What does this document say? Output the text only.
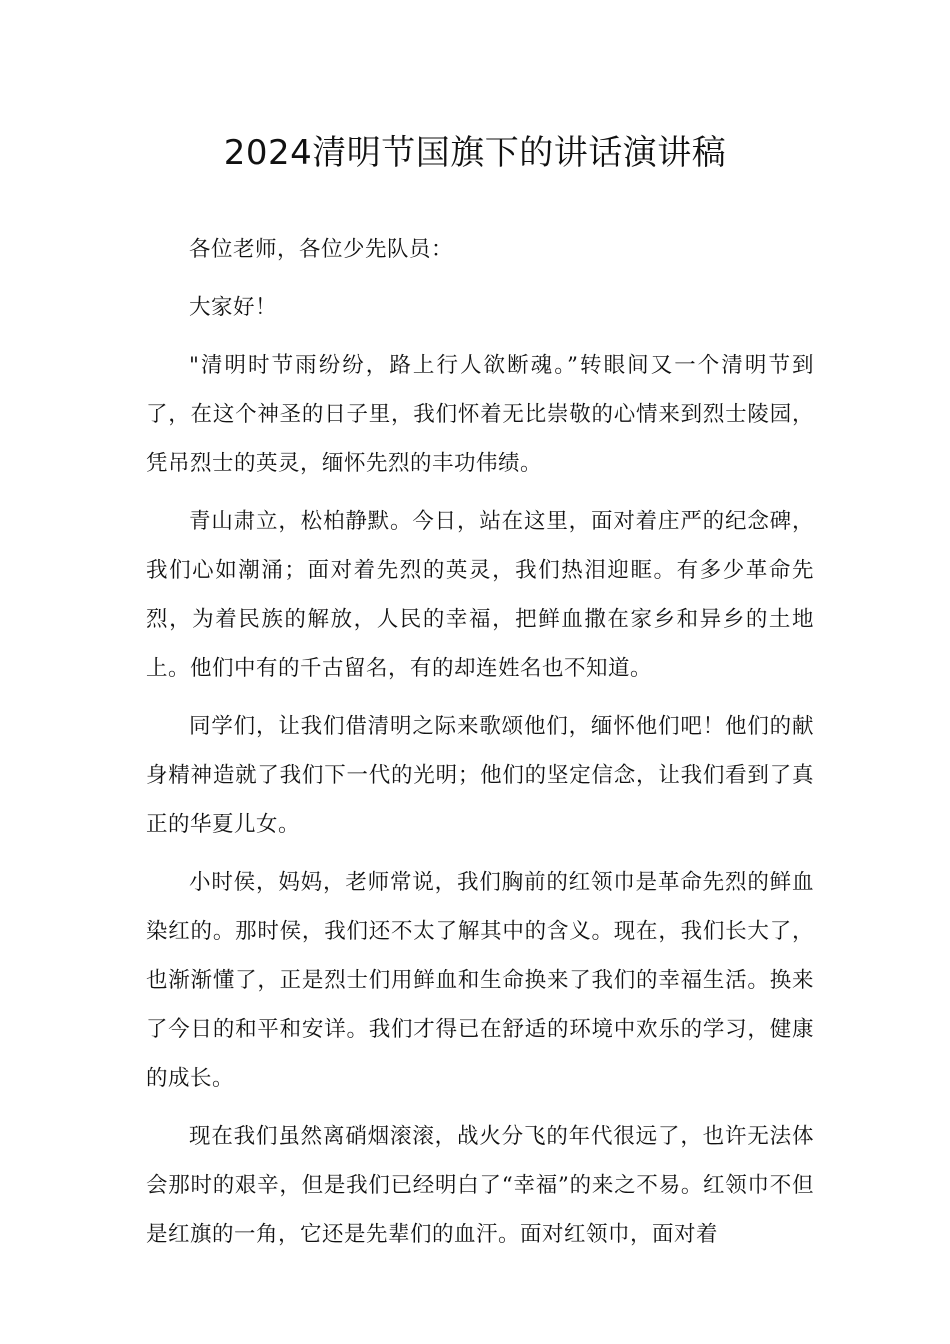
2024清明节国旗下的讲话演讲稿

各位老师，各位少先队员：

大家好！

"清明时节雨纷纷，路上行人欲断魂。”转眼间又一个清明节到了，在这个神圣的日子里，我们怀着无比崇敬的心情来到烈士陵园，凭吊烈士的英灵，缅怀先烈的丰功伟绩。

青山肃立，松柏静默。今日，站在这里，面对着庄严的纪念碑，我们心如潮涌；面对着先烈的英灵，我们热泪迎眶。有多少革命先烈，为着民族的解放，人民的幸福，把鲜血撒在家乡和异乡的土地上。他们中有的千古留名，有的却连姓名也不知道。

同学们，让我们借清明之际来歌颂他们，缅怀他们吧！他们的献身精神造就了我们下一代的光明；他们的坚定信念，让我们看到了真正的华夏儿女。

小时侯，妈妈，老师常说，我们胸前的红领巾是革命先烈的鲜血染红的。那时侯，我们还不太了解其中的含义。现在，我们长大了，也渐渐懂了，正是烈士们用鲜血和生命换来了我们的幸福生活。换来了今日的和平和安详。我们才得已在舒适的环境中欢乐的学习，健康的成长。

现在我们虽然离硝烟滚滚，战火分飞的年代很远了，也许无法体会那时的艰辛，但是我们已经明白了“幸福”的来之不易。红领巾不但是红旗的一角，它还是先辈们的血汗。面对红领巾，面对着
